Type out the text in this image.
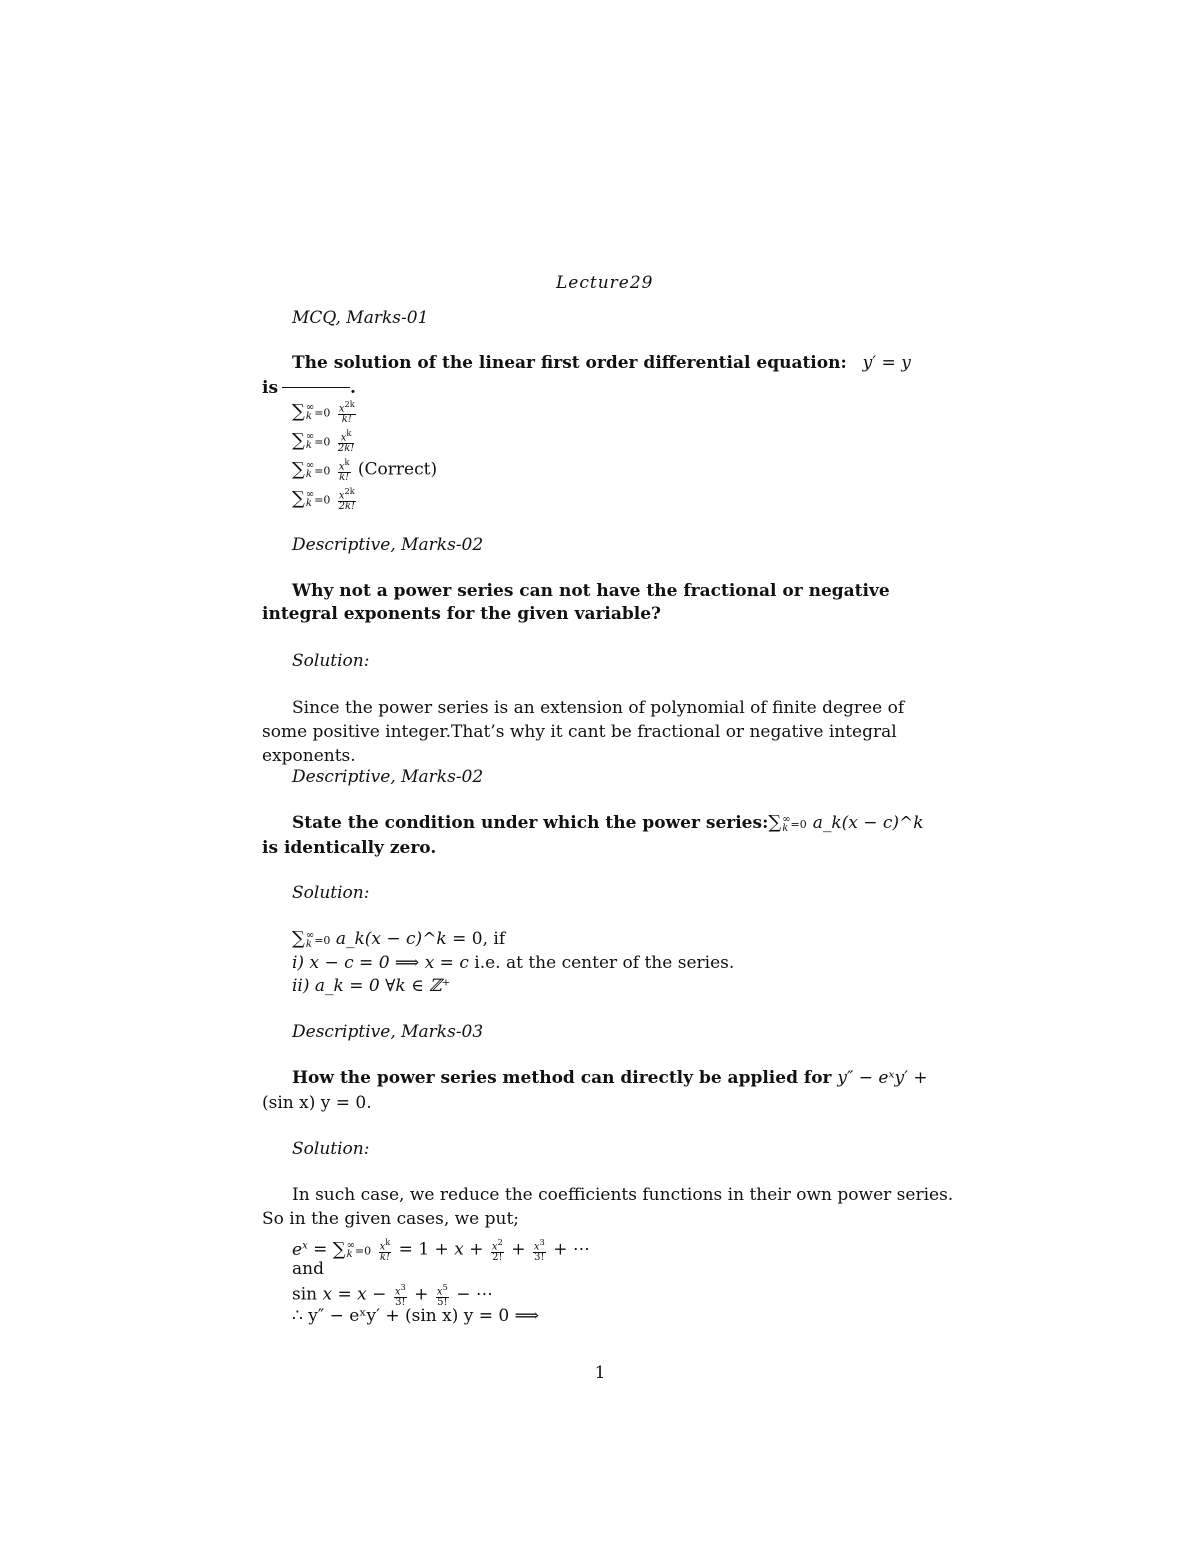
Lecture29
MCQ, Marks-01
The solution of the linear first order differential equation: y′ = y
is	.
∑ ∞
$k =0 \frac{x^{2k}}{k!}$
∑ ∞
$k =0 \frac{x^k}{2k!}$
∑ ∞
$k =0 \frac{x^k}{k!}$ (Correct)
∑ ∞
$k =0 \frac{x^{2k}}{2k!}$
Descriptive, Marks-02
Why not a power series can not have the fractional or negative integral exponents for the given variable?
Solution:
Since the power series is an extension of polynomial of finite degree of some positive integer.That’s why it cant be fractional or negative integral exponents.
Descriptive, Marks-02
State the condition under which the power series:∑ ∞
k =0 a_k(x − c)^k
is identically zero.
Solution:
∑ ∞
k =0 a_k(x − c)^k = 0, if
i) x − c = 0 ⟹ x = c i.e. at the center of the series.
ii) a_k = 0 ∀k ∈ ℤ⁺
Descriptive, Marks-03
How the power series method can directly be applied for y″ − eˣy′ +
(sin x) y = 0.
Solution:
In such case, we reduce the coefficients functions in their own power series.
So in the given cases, we put;
$e^x$ = ∑ ∞
$k =0 \frac{x^k}{k!} = 1 + x + \frac{x^2}{2!} + \frac{x^3}{3!}$ + ⋯
and
$\sin x = x - \frac{x^3}{3!} + \frac{x^5}{5!}$ − ⋯
∴ y″ − eˣy′ + (sin x) y = 0 ⟹
1
